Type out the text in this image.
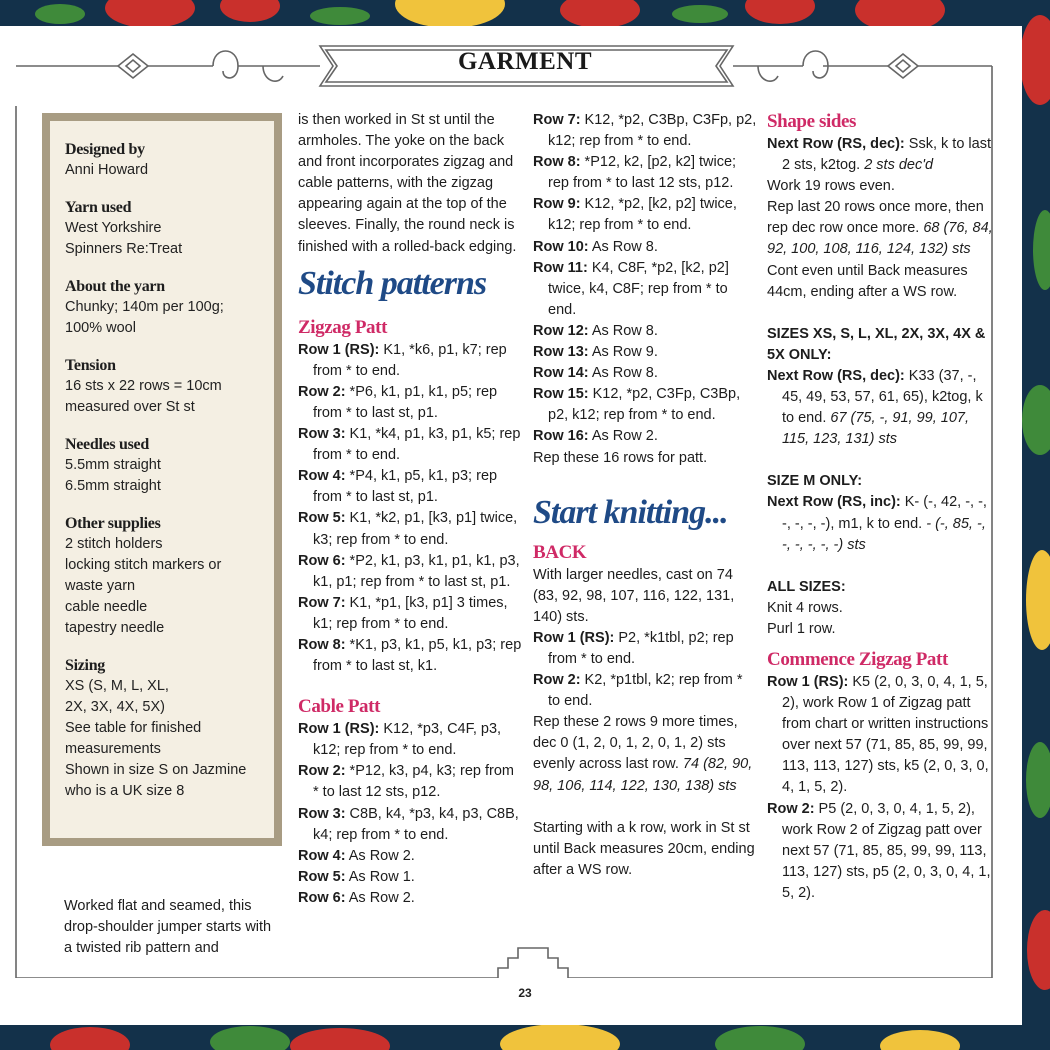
GARMENT
Designed by
Anni Howard
Yarn used
West Yorkshire
Spinners Re:Treat
About the yarn
Chunky; 140m per 100g;
100% wool
Tension
16 sts x 22 rows = 10cm
measured over St st
Needles used
5.5mm straight
6.5mm straight
Other supplies
2 stitch holders
locking stitch markers or
waste yarn
cable needle
tapestry needle
Sizing
XS (S, M, L, XL,
2X, 3X, 4X, 5X)
See table for finished
measurements
Shown in size S on Jazmine
who is a UK size 8

Worked flat and seamed, this drop-shoulder jumper starts with a twisted rib pattern and

is then worked in St st until the armholes. The yoke on the back and front incorporates zigzag and cable patterns, with the zigzag appearing again at the top of the sleeves. Finally, the round neck is finished with a rolled-back edging.

Stitch patterns
Zigzag Patt

Row 1 (RS): K1, *k6, p1, k7; rep from * to end.

Row 2: *P6, k1, p1, k1, p5; rep from * to last st, p1.

Row 3: K1, *k4, p1, k3, p1, k5; rep from * to end.

Row 4: *P4, k1, p5, k1, p3; rep from * to last st, p1.

Row 5: K1, *k2, p1, [k3, p1] twice, k3; rep from * to end.

Row 6: *P2, k1, p3, k1, p1, k1, p3, k1, p1; rep from * to last st, p1.

Row 7: K1, *p1, [k3, p1] 3 times, k1; rep from * to end.

Row 8: *K1, p3, k1, p5, k1, p3; rep from * to last st, k1.

Cable Patt

Row 1 (RS): K12, *p3, C4F, p3, k12; rep from * to end.

Row 2: *P12, k3, p4, k3; rep from * to last 12 sts, p12.

Row 3: C8B, k4, *p3, k4, p3, C8B, k4; rep from * to end.

Row 4: As Row 2.

Row 5: As Row 1.

Row 6: As Row 2.

Row 7: K12, *p2, C3Bp, C3Fp, p2, k12; rep from * to end.

Row 8: *P12, k2, [p2, k2] twice; rep from * to last 12 sts, p12.

Row 9: K12, *p2, [k2, p2] twice, k12; rep from * to end.

Row 10: As Row 8.

Row 11: K4, C8F, *p2, [k2, p2] twice, k4, C8F; rep from * to end.

Row 12: As Row 8.

Row 13: As Row 9.

Row 14: As Row 8.

Row 15: K12, *p2, C3Fp, C3Bp, p2, k12; rep from * to end.

Row 16: As Row 2.

Rep these 16 rows for patt.

Start knitting...
BACK

With larger needles, cast on 74 (83, 92, 98, 107, 116, 122, 131, 140) sts.

Row 1 (RS): P2, *k1tbl, p2; rep from * to end.

Row 2: K2, *p1tbl, k2; rep from * to end.

Rep these 2 rows 9 more times, dec 0 (1, 2, 0, 1, 2, 0, 1, 2) sts evenly across last row. 74 (82, 90, 98, 106, 114, 122, 130, 138) sts

Starting with a k row, work in St st until Back measures 20cm, ending after a WS row.

Shape sides

Next Row (RS, dec): Ssk, k to last 2 sts, k2tog. 2 sts dec'd

Work 19 rows even.

Rep last 20 rows once more, then rep dec row once more. 68 (76, 84, 92, 100, 108, 116, 124, 132) sts

Cont even until Back measures 44cm, ending after a WS row.

SIZES XS, S, L, XL, 2X, 3X, 4X & 5X ONLY:

Next Row (RS, dec): K33 (37, -, 45, 49, 53, 57, 61, 65), k2tog, k to end. 67 (75, -, 91, 99, 107, 115, 123, 131) sts

SIZE M ONLY:

Next Row (RS, inc): K- (-, 42, -, -, -, -, -, -), m1, k to end. - (-, 85, -, -, -, -, -, -) sts

ALL SIZES:

Knit 4 rows.

Purl 1 row.

Commence Zigzag Patt

Row 1 (RS): K5 (2, 0, 3, 0, 4, 1, 5, 2), work Row 1 of Zigzag patt from chart or written instructions over next 57 (71, 85, 85, 99, 99, 113, 113, 127) sts, k5 (2, 0, 3, 0, 4, 1, 5, 2).

Row 2: P5 (2, 0, 3, 0, 4, 1, 5, 2), work Row 2 of Zigzag patt over next 57 (71, 85, 85, 99, 99, 113, 113, 127) sts, p5 (2, 0, 3, 0, 4, 1, 5, 2).

23
